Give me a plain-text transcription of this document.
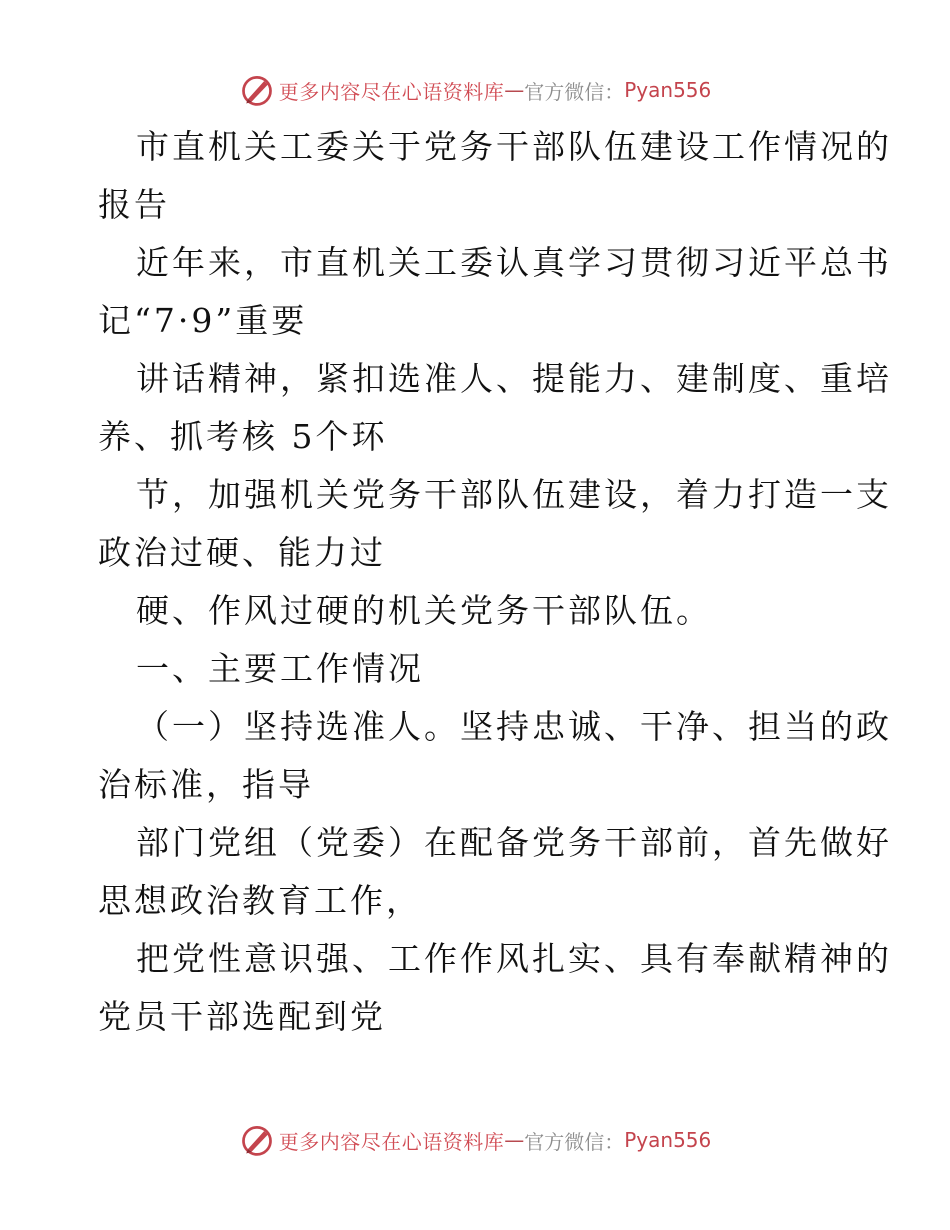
更多内容尽在心语资料库 — 官方微信： Pyan556
市直机关工委关于党务干部队伍建设工作情况的
报告
近年来，市直机关工委认真学习贯彻习近平总书
记“7·9”重要
讲话精神，紧扣选准人、提能力、建制度、重培
养、抓考核 5个环
节，加强机关党务干部队伍建设，着力打造一支
政治过硬、能力过
硬、作风过硬的机关党务干部队伍。
一、主要工作情况
（一）坚持选准人。坚持忠诚、干净、担当的政
治标准，指导
部门党组（党委）在配备党务干部前，首先做好
思想政治教育工作，
把党性意识强、工作作风扎实、具有奉献精神的
党员干部选配到党
更多内容尽在心语资料库 — 官方微信： Pyan556
